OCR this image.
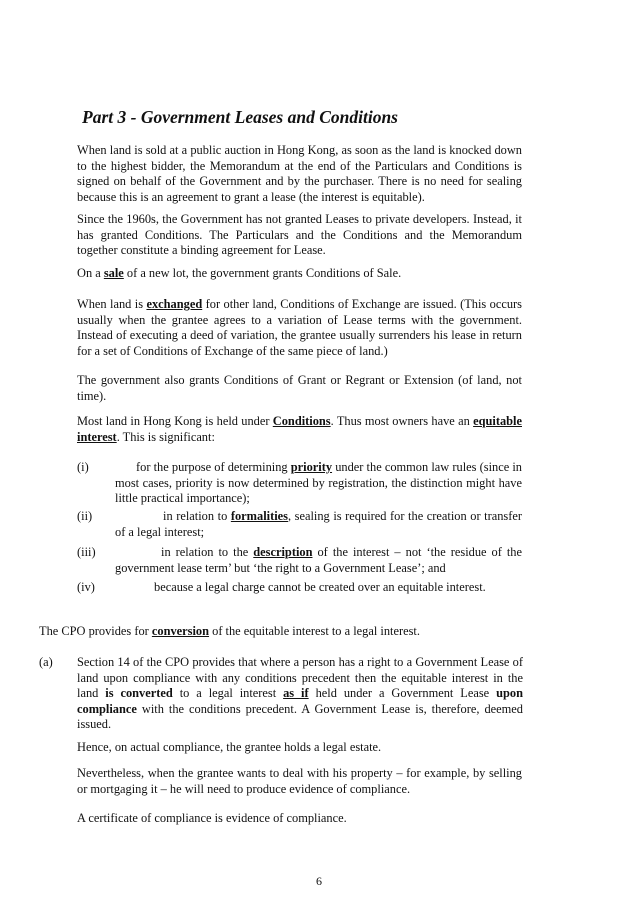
Part 3 - Government Leases and Conditions

When land is sold at a public auction in Hong Kong, as soon as the land is knocked down to the highest bidder, the Memorandum at the end of the Particulars and Conditions is signed on behalf of the Government and by the purchaser. There is no need for sealing because this is an agreement to grant a lease (the interest is equitable).

Since the 1960s, the Government has not granted Leases to private developers. Instead, it has granted Conditions. The Particulars and the Conditions and the Memorandum together constitute a binding agreement for Lease.

On a sale of a new lot, the government grants Conditions of Sale.

When land is exchanged for other land, Conditions of Exchange are issued. (This occurs usually when the grantee agrees to a variation of Lease terms with the government. Instead of executing a deed of variation, the grantee usually surrenders his lease in return for a set of Conditions of Exchange of the same piece of land.)

The government also grants Conditions of Grant or Regrant or Extension (of land, not time).

Most land in Hong Kong is held under Conditions. Thus most owners have an equitable interest. This is significant:

(i)	for the purpose of determining priority under the common law rules (since in most cases, priority is now determined by registration, the distinction might have little practical importance);
(ii)	in relation to formalities, sealing is required for the creation or transfer of a legal interest;
(iii)	in relation to the description of the interest – not ‘the residue of the government lease term’ but ‘the right to a Government Lease’; and
(iv)	because a legal charge cannot be created over an equitable interest.

The CPO provides for conversion of the equitable interest to a legal interest.

(a) Section 14 of the CPO provides that where a person has a right to a Government Lease of land upon compliance with any conditions precedent then the equitable interest in the land is converted to a legal interest as if held under a Government Lease upon compliance with the conditions precedent. A Government Lease is, therefore, deemed issued.

Hence, on actual compliance, the grantee holds a legal estate.

Nevertheless, when the grantee wants to deal with his property – for example, by selling or mortgaging it – he will need to produce evidence of compliance.

A certificate of compliance is evidence of compliance.

6
